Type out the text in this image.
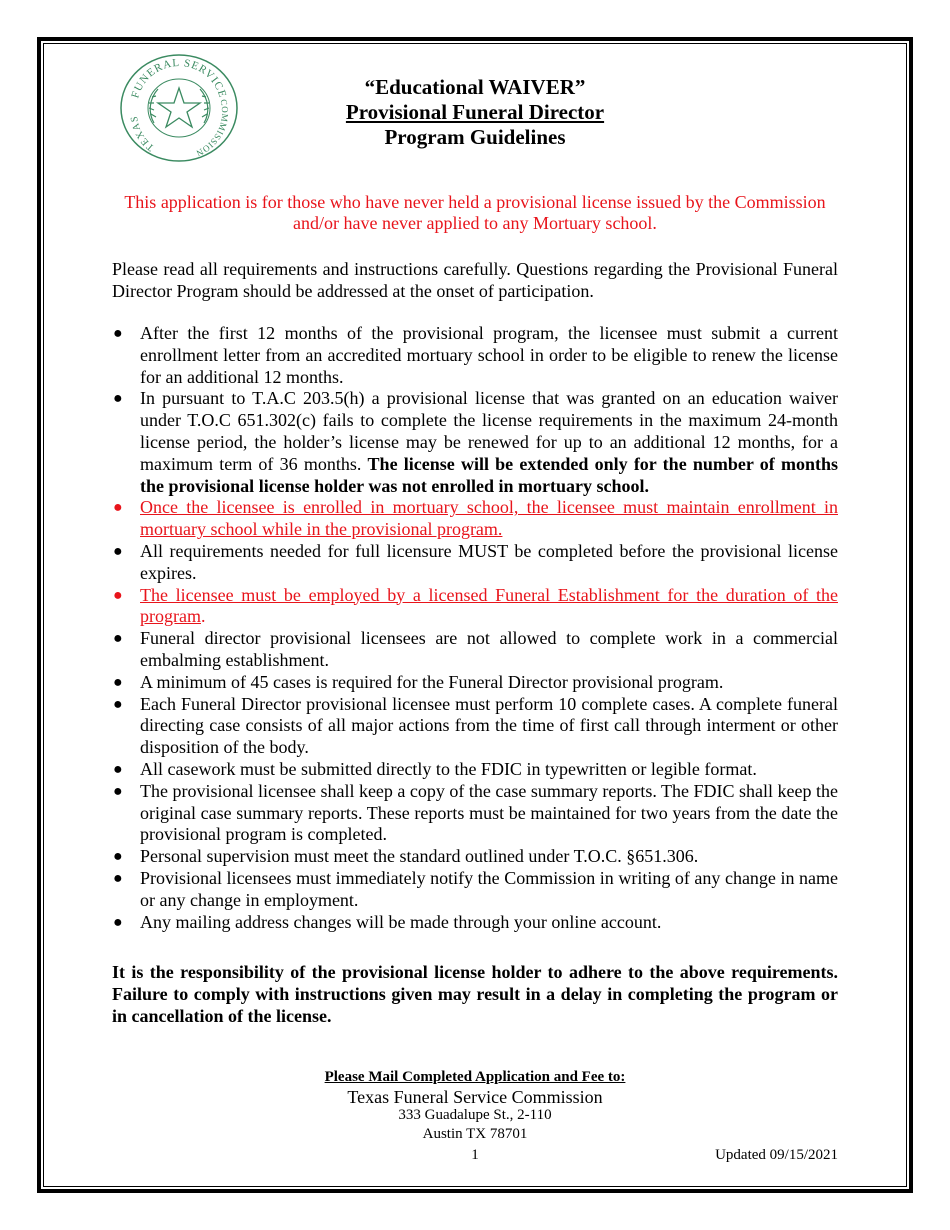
FUNERAL SERVICE
TEXAS
COMMISSION
“Educational WAIVER”
Provisional Funeral Director
Program Guidelines
This application is for those who have never held a provisional license issued by the Commission and/or have never applied to any Mortuary school.
Please read all requirements and instructions carefully. Questions regarding the Provisional Funeral Director Program should be addressed at the onset of participation.
● After the first 12 months of the provisional program, the licensee must submit a current enrollment letter from an accredited mortuary school in order to be eligible to renew the license for an additional 12 months.
● In pursuant to T.A.C 203.5(h) a provisional license that was granted on an education waiver under T.O.C 651.302(c) fails to complete the license requirements in the maximum 24-month license period, the holder’s license may be renewed for up to an additional 12 months, for a maximum term of 36 months. The license will be extended only for the number of months the provisional license holder was not enrolled in mortuary school.
● Once the licensee is enrolled in mortuary school, the licensee must maintain enrollment in mortuary school while in the provisional program.
● All requirements needed for full licensure MUST be completed before the provisional license expires.
● The licensee must be employed by a licensed Funeral Establishment for the duration of the program.
● Funeral director provisional licensees are not allowed to complete work in a commercial embalming establishment.
● A minimum of 45 cases is required for the Funeral Director provisional program.
● Each Funeral Director provisional licensee must perform 10 complete cases. A complete funeral directing case consists of all major actions from the time of first call through interment or other disposition of the body.
● All casework must be submitted directly to the FDIC in typewritten or legible format.
● The provisional licensee shall keep a copy of the case summary reports. The FDIC shall keep the original case summary reports. These reports must be maintained for two years from the date the provisional program is completed.
● Personal supervision must meet the standard outlined under T.O.C. §651.306.
● Provisional licensees must immediately notify the Commission in writing of any change in name or any change in employment.
● Any mailing address changes will be made through your online account.
It is the responsibility of the provisional license holder to adhere to the above requirements. Failure to comply with instructions given may result in a delay in completing the program or in cancellation of the license.
Please Mail Completed Application and Fee to:
Texas Funeral Service Commission
333 Guadalupe St., 2-110
Austin TX 78701
1	Updated 09/15/2021
